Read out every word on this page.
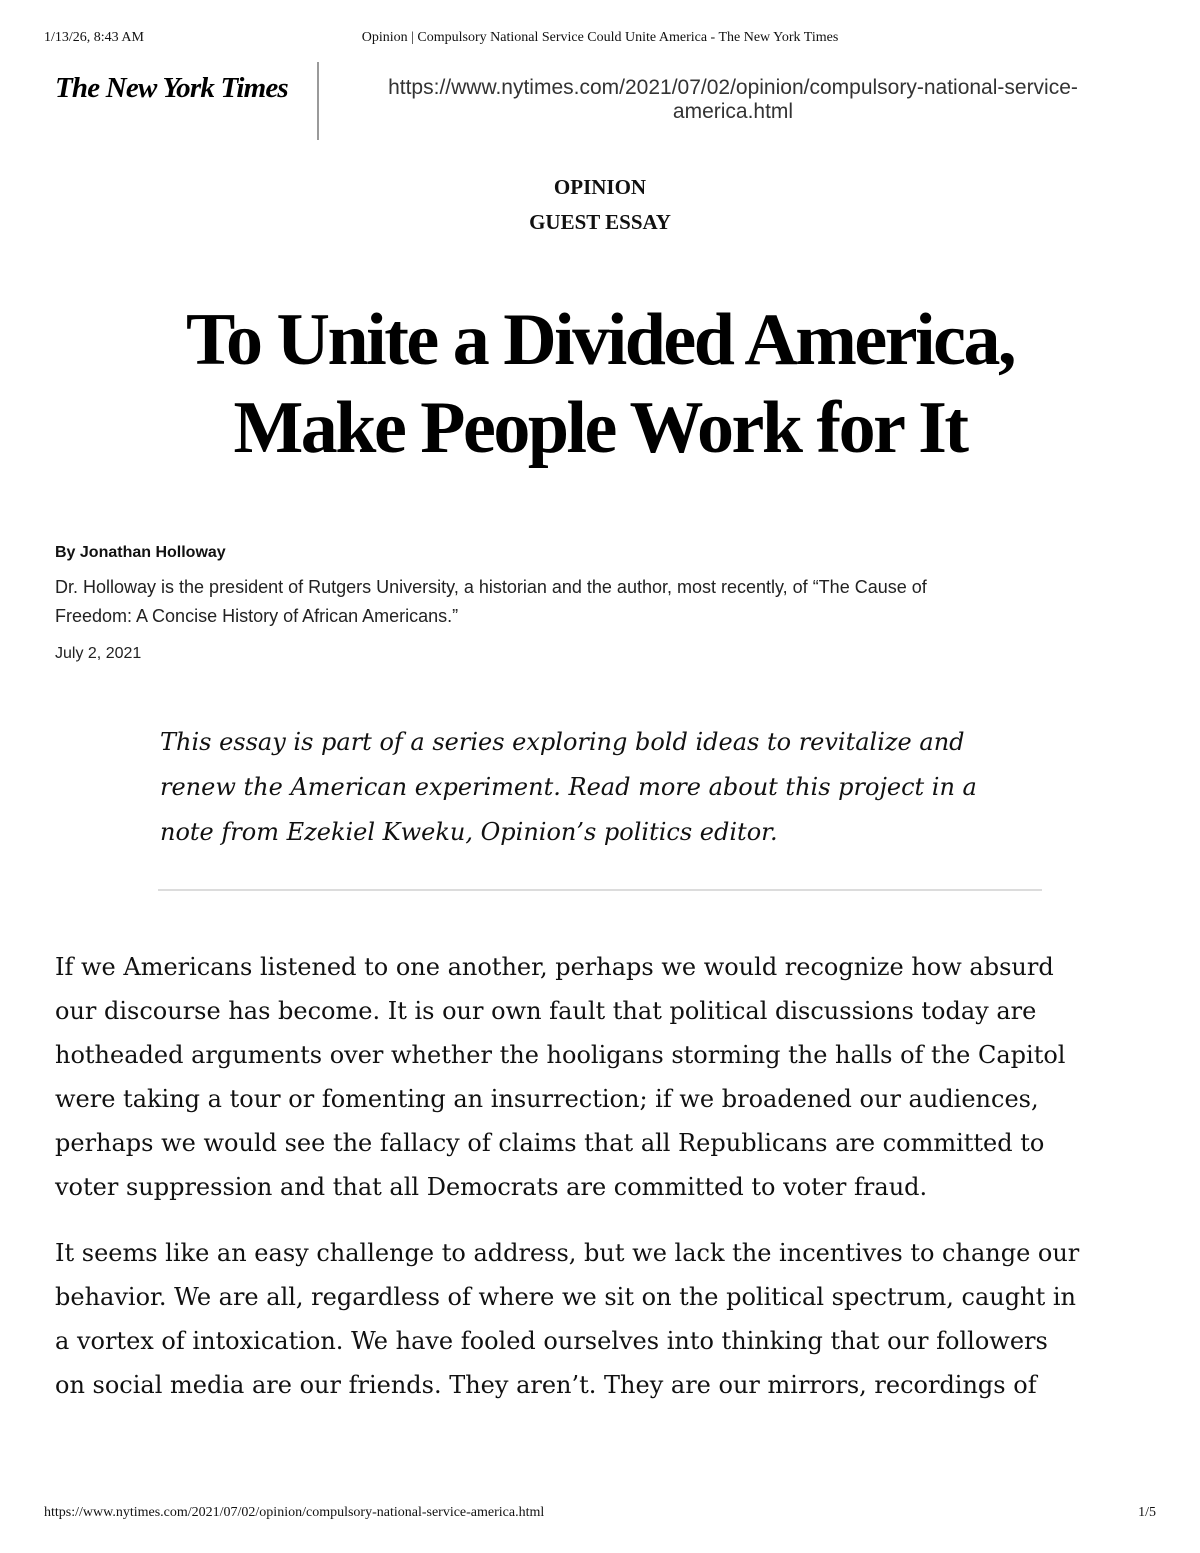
1/13/26, 8:43 AM	Opinion | Compulsory National Service Could Unite America - The New York Times
The New York Times	https://www.nytimes.com/2021/07/02/opinion/compulsory-national-service-
america.html
OPINION
GUEST ESSAY
To Unite a Divided America,
Make People Work for It
By Jonathan Holloway
Dr. Holloway is the president of Rutgers University, a historian and the author, most recently, of “The Cause of
Freedom: A Concise History of African Americans.”
July 2, 2021
This essay is part of a series exploring bold ideas to revitalize and
renew the American experiment. Read more about this project in a
note from Ezekiel Kweku, Opinion’s politics editor.
If we Americans listened to one another, perhaps we would recognize how absurd
our discourse has become. It is our own fault that political discussions today are
hotheaded arguments over whether the hooligans storming the halls of the Capitol
were taking a tour or fomenting an insurrection; if we broadened our audiences,
perhaps we would see the fallacy of claims that all Republicans are committed to
voter suppression and that all Democrats are committed to voter fraud.
It seems like an easy challenge to address, but we lack the incentives to change our
behavior. We are all, regardless of where we sit on the political spectrum, caught in
a vortex of intoxication. We have fooled ourselves into thinking that our followers
on social media are our friends. They aren’t. They are our mirrors, recordings of
https://www.nytimes.com/2021/07/02/opinion/compulsory-national-service-america.html	1/5
